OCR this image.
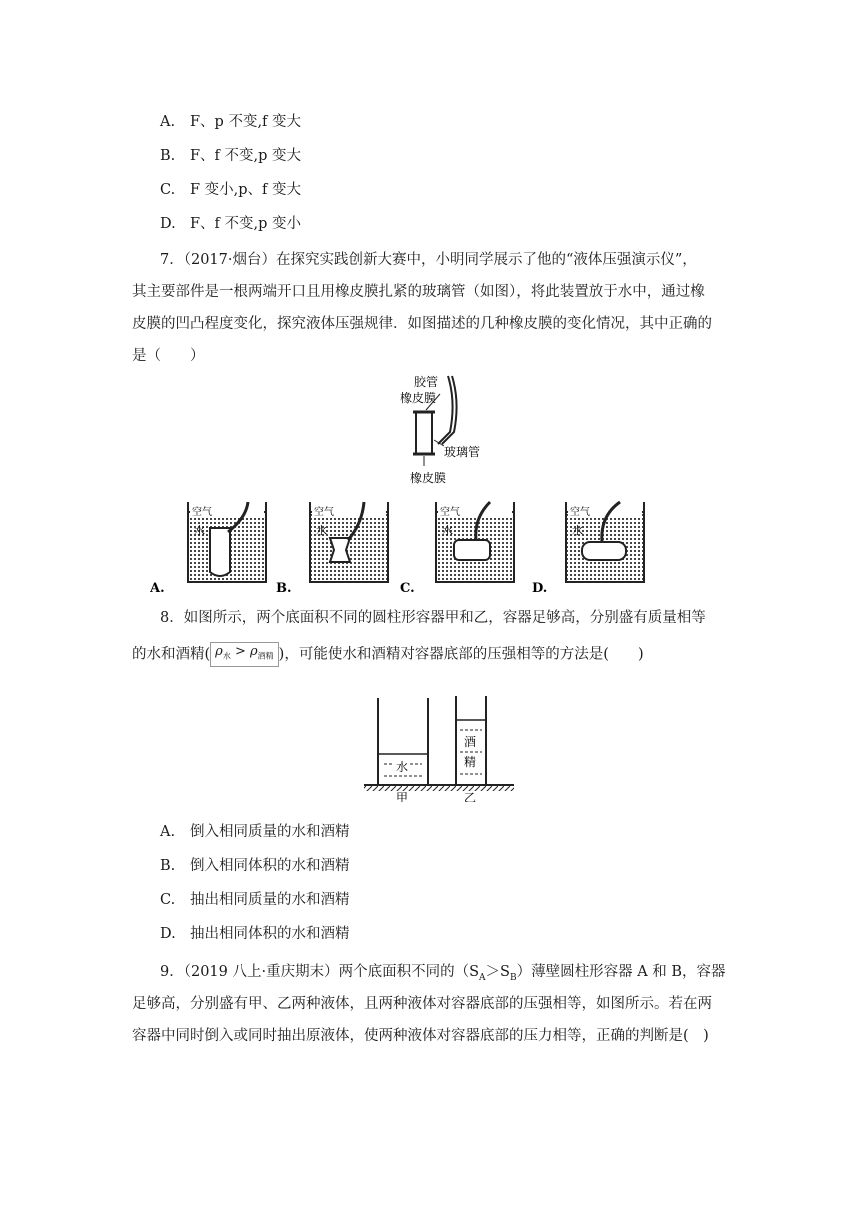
A. F、p 不变,f 变大
B. F、f 不变,p 变大
C. F 变小,p、f 变大
D. F、f 不变,p 变小
7．（2017·烟台）在探究实践创新大赛中，小明同学展示了他的“液体压强演示仪”，
其主要部件是一根两端开口且用橡皮膜扎紧的玻璃管（如图），将此装置放于水中，通过橡
皮膜的凹凸程度变化，探究液体压强规律．如图描述的几种橡皮膜的变化情况，其中正确的
是（　　）
胶管
橡皮膜
玻璃管
橡皮膜
空气
水
A.
空气
水
B.
空气
水
C.
空气
水
D.
8．如图所示，两个底面积不同的圆柱形容器甲和乙，容器足够高，分别盛有质量相等
的水和酒精( $\rho_水 > \rho_{酒精}$ )，可能使水和酒精对容器底部的压强相等的方法是(　　)
水
酒
精
甲	乙
A. 倒入相同质量的水和酒精
B. 倒入相同体积的水和酒精
C. 抽出相同质量的水和酒精
D. 抽出相同体积的水和酒精
9．（2019 八上·重庆期末）两个底面积不同的$(S_A>S_B)$薄壁圆柱形容器 A 和 B，容器
足够高，分别盛有甲、乙两种液体，且两种液体对容器底部的压强相等，如图所示。若在两
容器中同时倒入或同时抽出原液体，使两种液体对容器底部的压力相等，正确的判断是(　)
